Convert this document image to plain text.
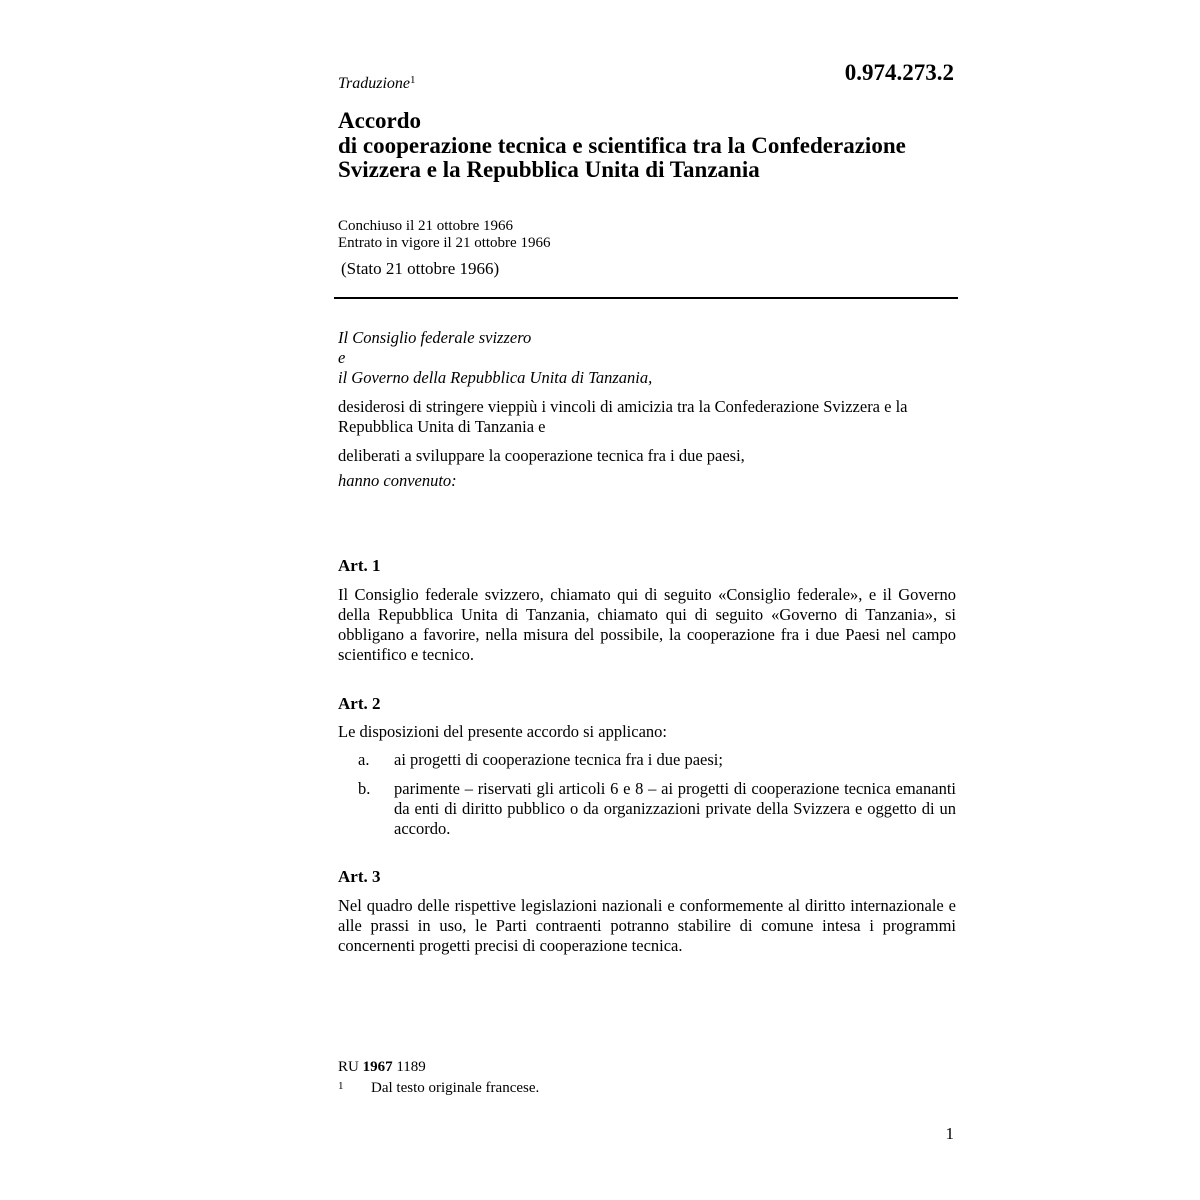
Traduzione$^1$	0.974.273.2
Accordo
di cooperazione tecnica e scientifica tra la Confederazione
Svizzera e la Repubblica Unita di Tanzania
Conchiuso il 21 ottobre 1966
Entrato in vigore il 21 ottobre 1966
(Stato 21 ottobre 1966)
Il Consiglio federale svizzero
e
il Governo della Repubblica Unita di Tanzania,
desiderosi di stringere vieppiù i vincoli di amicizia tra la Confederazione Svizzera e la Repubblica Unita di Tanzania e
deliberati a sviluppare la cooperazione tecnica fra i due paesi,
hanno convenuto:
Art. 1
Il Consiglio federale svizzero, chiamato qui di seguito «Consiglio federale», e il Governo della Repubblica Unita di Tanzania, chiamato qui di seguito «Governo di Tanzania», si obbligano a favorire, nella misura del possibile, la cooperazione fra i due Paesi nel campo scientifico e tecnico.
Art. 2
Le disposizioni del presente accordo si applicano:
a.	ai progetti di cooperazione tecnica fra i due paesi;
b.	parimente – riservati gli articoli 6 e 8 – ai progetti di cooperazione tecnica emananti da enti di diritto pubblico o da organizzazioni private della Svizzera e oggetto di un accordo.
Art. 3
Nel quadro delle rispettive legislazioni nazionali e conformemente al diritto internazionale e alle prassi in uso, le Parti contraenti potranno stabilire di comune intesa i programmi concernenti progetti precisi di cooperazione tecnica.
RU 1967 1189
1	Dal testo originale francese.
1
